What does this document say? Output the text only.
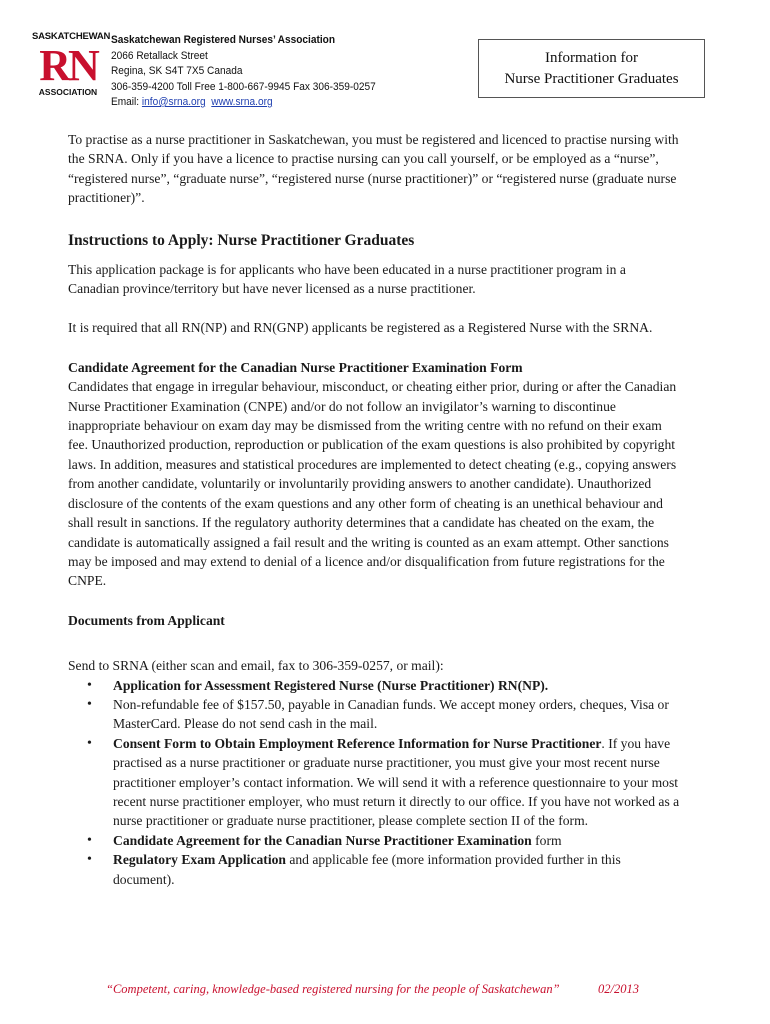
SASKATCHEWAN
RN
ASSOCIATION
Saskatchewan Registered Nurses’ Association
2066 Retallack Street
Regina, SK S4T 7X5 Canada
306-359-4200 Toll Free 1-800-667-9945 Fax 306-359-0257
Email: info@srna.org www.srna.org
Information for
Nurse Practitioner Graduates

To practise as a nurse practitioner in Saskatchewan, you must be registered and licenced to practise nursing with the SRNA. Only if you have a licence to practise nursing can you call yourself, or be employed as a “nurse”, “registered nurse”, “graduate nurse”, “registered nurse (nurse practitioner)” or “registered nurse (graduate nurse practitioner)”.

Instructions to Apply: Nurse Practitioner Graduates

This application package is for applicants who have been educated in a nurse practitioner program in a Canadian province/territory but have never licensed as a nurse practitioner.

It is required that all RN(NP) and RN(GNP) applicants be registered as a Registered Nurse with the SRNA.

Candidate Agreement for the Canadian Nurse Practitioner Examination Form

Candidates that engage in irregular behaviour, misconduct, or cheating either prior, during or after the Canadian Nurse Practitioner Examination (CNPE) and/or do not follow an invigilator’s warning to discontinue inappropriate behaviour on exam day may be dismissed from the writing centre with no refund on their exam fee. Unauthorized production, reproduction or publication of the exam questions is also prohibited by copyright laws. In addition, measures and statistical procedures are implemented to detect cheating (e.g., copying answers from another candidate, voluntarily or involuntarily providing answers to another candidate). Unauthorized disclosure of the contents of the exam questions and any other form of cheating is an unethical behaviour and shall result in sanctions. If the regulatory authority determines that a candidate has cheated on the exam, the candidate is automatically assigned a fail result and the writing is counted as an exam attempt. Other sanctions may be imposed and may extend to denial of a licence and/or disqualification from future registrations for the CNPE.

Documents from Applicant

Send to SRNA (either scan and email, fax to 306-359-0257, or mail):

• Application for Assessment Registered Nurse (Nurse Practitioner) RN(NP).
• Non-refundable fee of $157.50, payable in Canadian funds. We accept money orders, cheques, Visa or MasterCard. Please do not send cash in the mail.
• Consent Form to Obtain Employment Reference Information for Nurse Practitioner. If you have practised as a nurse practitioner or graduate nurse practitioner, you must give your most recent nurse practitioner employer’s contact information. We will send it with a reference questionnaire to your most recent nurse practitioner employer, who must return it directly to our office. If you have not worked as a nurse practitioner or graduate nurse practitioner, please complete section II of the form.
• Candidate Agreement for the Canadian Nurse Practitioner Examination form
• Regulatory Exam Application and applicable fee (more information provided further in this document).
“Competent, caring, knowledge-based registered nursing for the people of Saskatchewan”	02/2013
